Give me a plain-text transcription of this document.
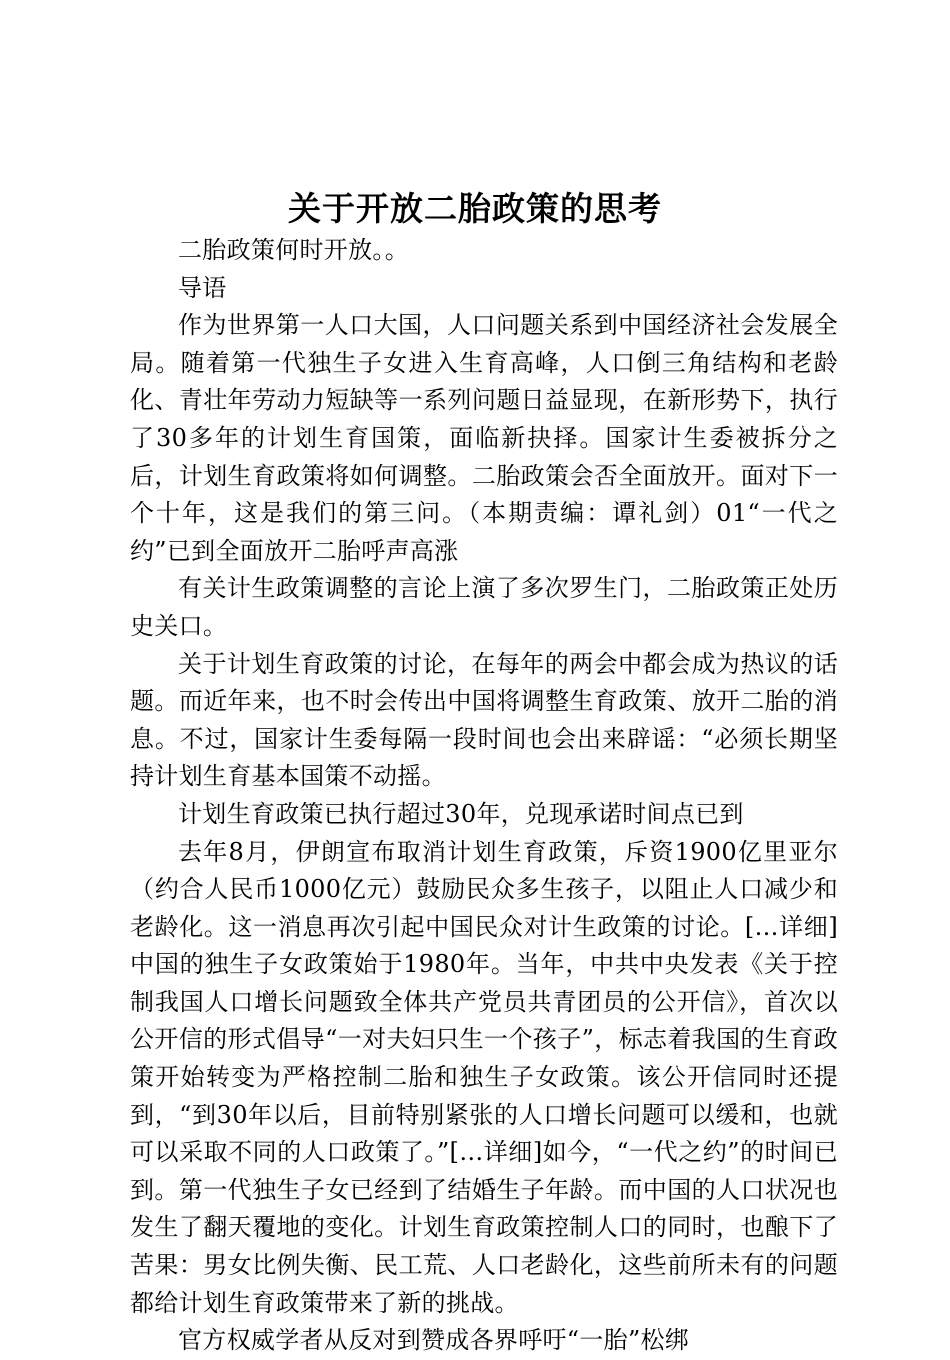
关于开放二胎政策的思考

二胎政策何时开放。。

导语

作为世界第一人口大国，人口问题关系到中国经济社会发展全局。随着第一代独生子女进入生育高峰，人口倒三角结构和老龄化、青壮年劳动力短缺等一系列问题日益显现，在新形势下，执行了30多年的计划生育国策，面临新抉择。国家计生委被拆分之后，计划生育政策将如何调整。二胎政策会否全面放开。面对下一个十年，这是我们的第三问。（本期责编：谭礼剑）01“一代之约”已到全面放开二胎呼声高涨

有关计生政策调整的言论上演了多次罗生门，二胎政策正处历史关口。

关于计划生育政策的讨论，在每年的两会中都会成为热议的话题。而近年来，也不时会传出中国将调整生育政策、放开二胎的消息。不过，国家计生委每隔一段时间也会出来辟谣：“必须长期坚持计划生育基本国策不动摇。

计划生育政策已执行超过30年，兑现承诺时间点已到

去年8月，伊朗宣布取消计划生育政策，斥资1900亿里亚尔（约合人民币1000亿元）鼓励民众多生孩子，以阻止人口减少和老龄化。这一消息再次引起中国民众对计生政策的讨论。[…详细]中国的独生子女政策始于1980年。当年，中共中央发表《关于控制我国人口增长问题致全体共产党员共青团员的公开信》，首次以公开信的形式倡导“一对夫妇只生一个孩子”，标志着我国的生育政策开始转变为严格控制二胎和独生子女政策。该公开信同时还提到，“到30年以后，目前特别紧张的人口增长问题可以缓和，也就可以采取不同的人口政策了。”[…详细]如今，“一代之约”的时间已到。第一代独生子女已经到了结婚生子年龄。而中国的人口状况也发生了翻天覆地的变化。计划生育政策控制人口的同时，也酿下了苦果：男女比例失衡、民工荒、人口老龄化，这些前所未有的问题都给计划生育政策带来了新的挑战。

官方权威学者从反对到赞成各界呼吁“一胎”松绑
